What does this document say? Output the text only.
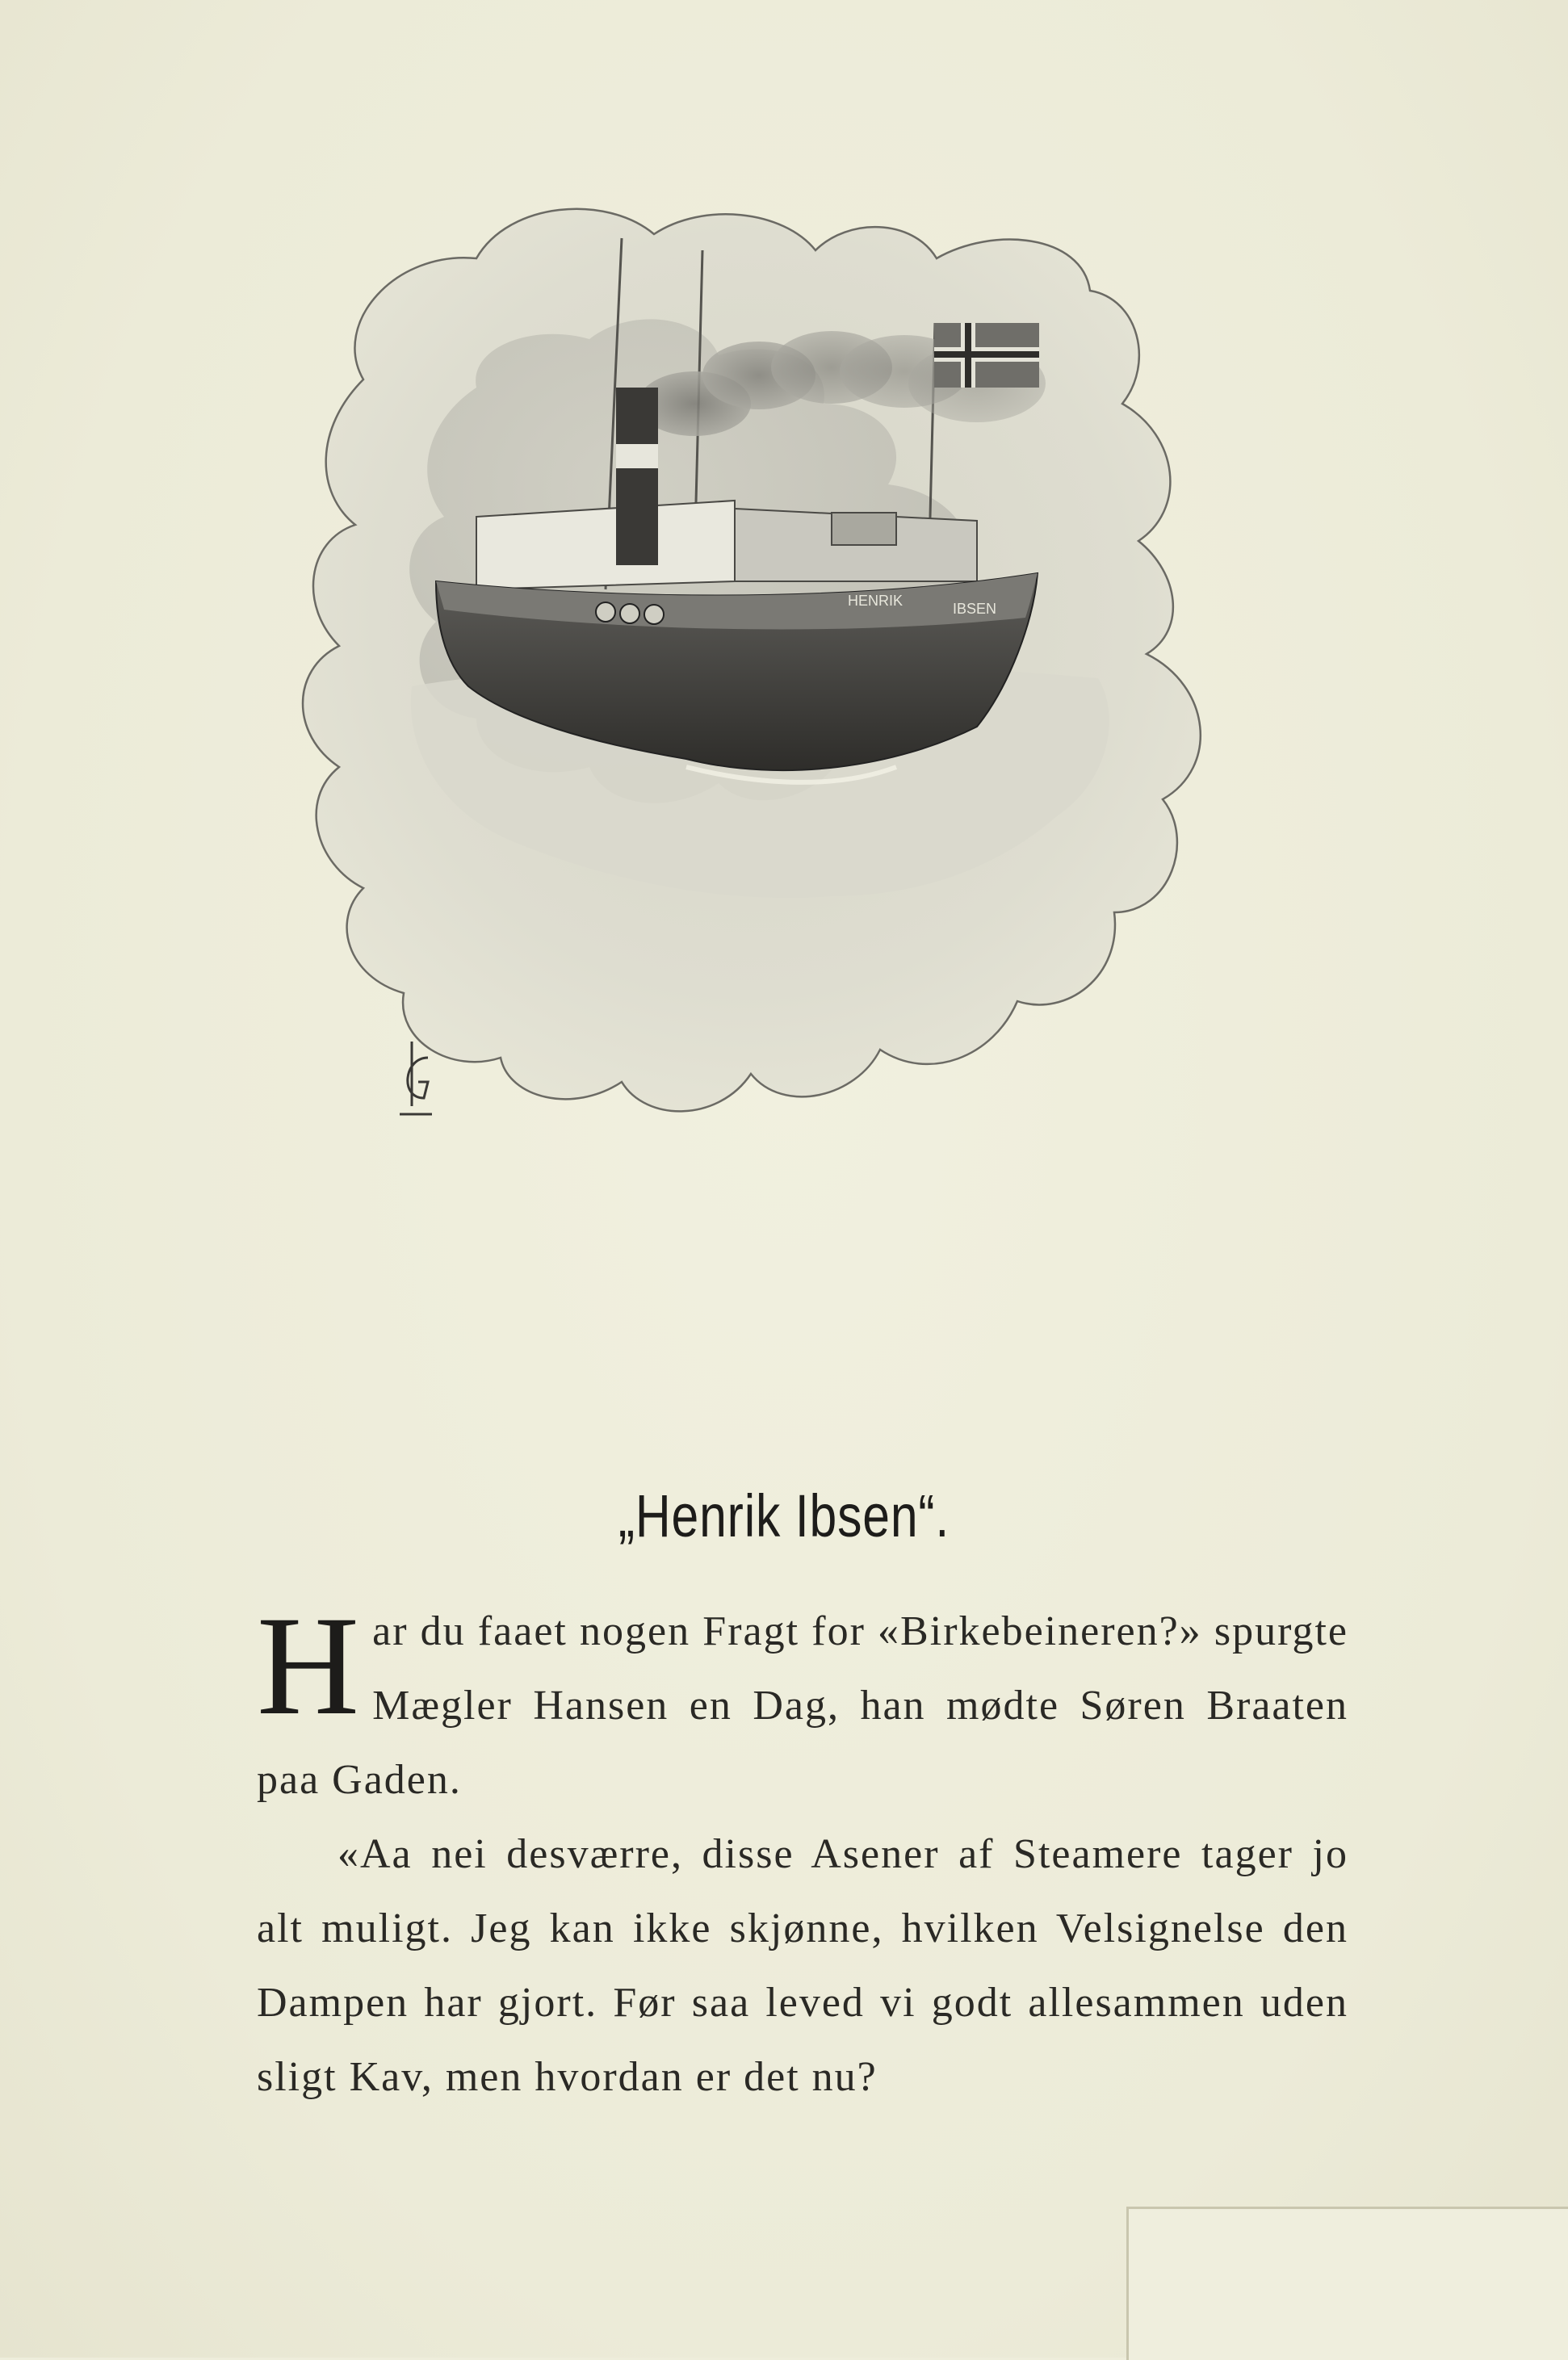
HENRIK	IBSEN
„Henrik Ibsen“.

Har du faaet nogen Fragt for «Birkebeineren?» spurgte Mægler Hansen en Dag, han mødte Søren Braaten paa Gaden.

«Aa nei desværre, disse Asener af Steamere tager jo alt muligt. Jeg kan ikke skjønne, hvilken Velsignelse den Dampen har gjort. Før saa leved vi godt allesammen uden sligt Kav, men hvordan er det nu?
